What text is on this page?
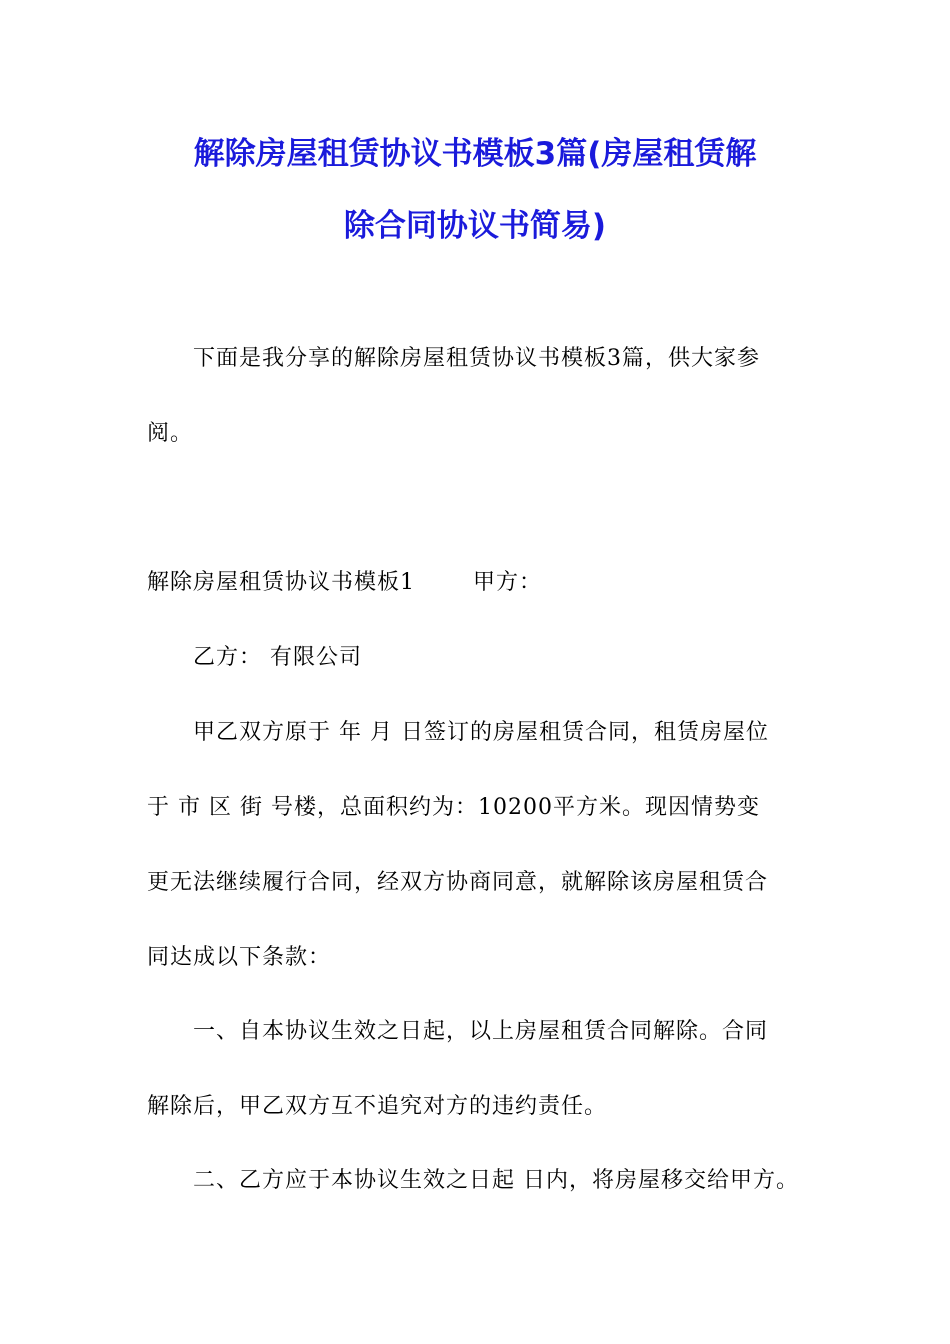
解除房屋租赁协议书模板3篇(房屋租赁解
除合同协议书简易)
下面是我分享的解除房屋租赁协议书模板3篇，供大家参
阅。
解除房屋租赁协议书模板1	甲方：
乙方： 有限公司
甲乙双方原于 年 月 日签订的房屋租赁合同，租赁房屋位
于 市 区 街 号楼，总面积约为：10200平方米。现因情势变
更无法继续履行合同，经双方协商同意，就解除该房屋租赁合
同达成以下条款：
一、自本协议生效之日起，以上房屋租赁合同解除。合同
解除后，甲乙双方互不追究对方的违约责任。
二、乙方应于本协议生效之日起 日内，将房屋移交给甲方。
